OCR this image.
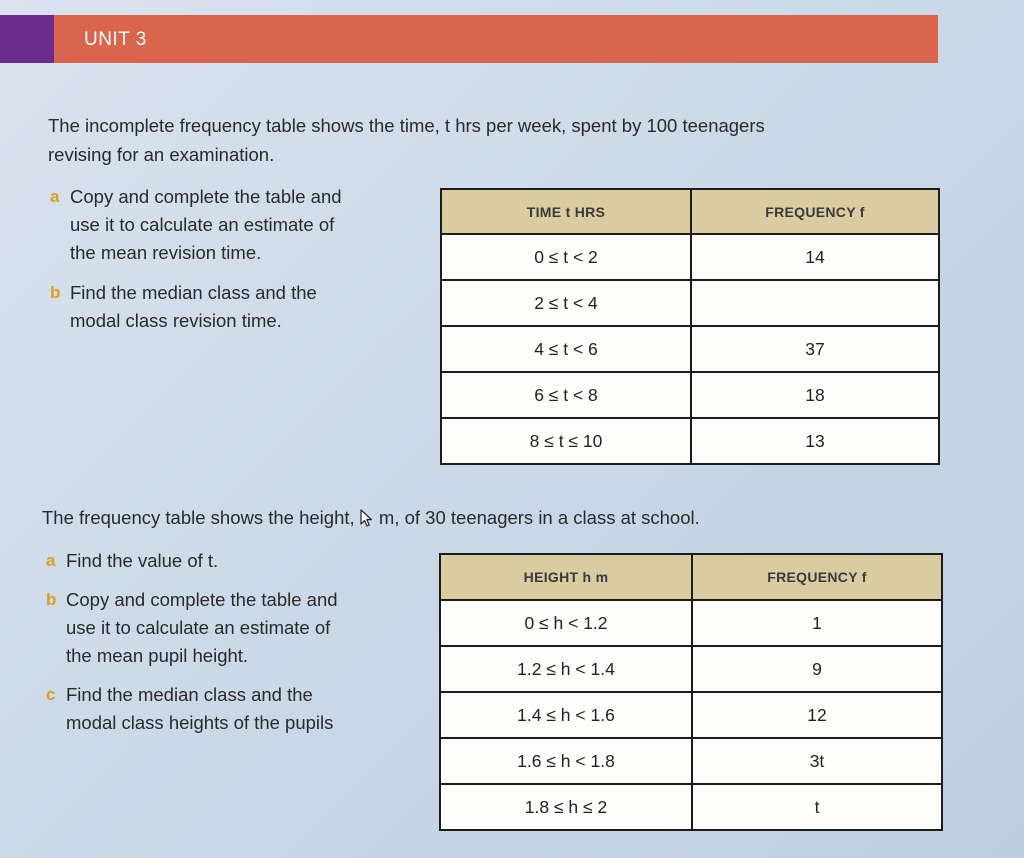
UNIT 3
The incomplete frequency table shows the time, t hrs per week, spent by 100 teenagers
revising for an examination.
a Copy and complete the table and
use it to calculate an estimate of
the mean revision time.
b Find the median class and the
modal class revision time.
TIME t HRS	FREQUENCY f
0 ≤ t < 2	14
2 ≤ t < 4	
4 ≤ t < 6	37
6 ≤ t < 8	18
8 ≤ t ≤ 10	13
The frequency table shows the height, m, of 30 teenagers in a class at school.
a Find the value of t.
b Copy and complete the table and
use it to calculate an estimate of
the mean pupil height.
c Find the median class and the
modal class heights of the pupils
HEIGHT h m	FREQUENCY f
0 ≤ h < 1.2	1
1.2 ≤ h < 1.4	9
1.4 ≤ h < 1.6	12
1.6 ≤ h < 1.8	3t
1.8 ≤ h ≤ 2	t
